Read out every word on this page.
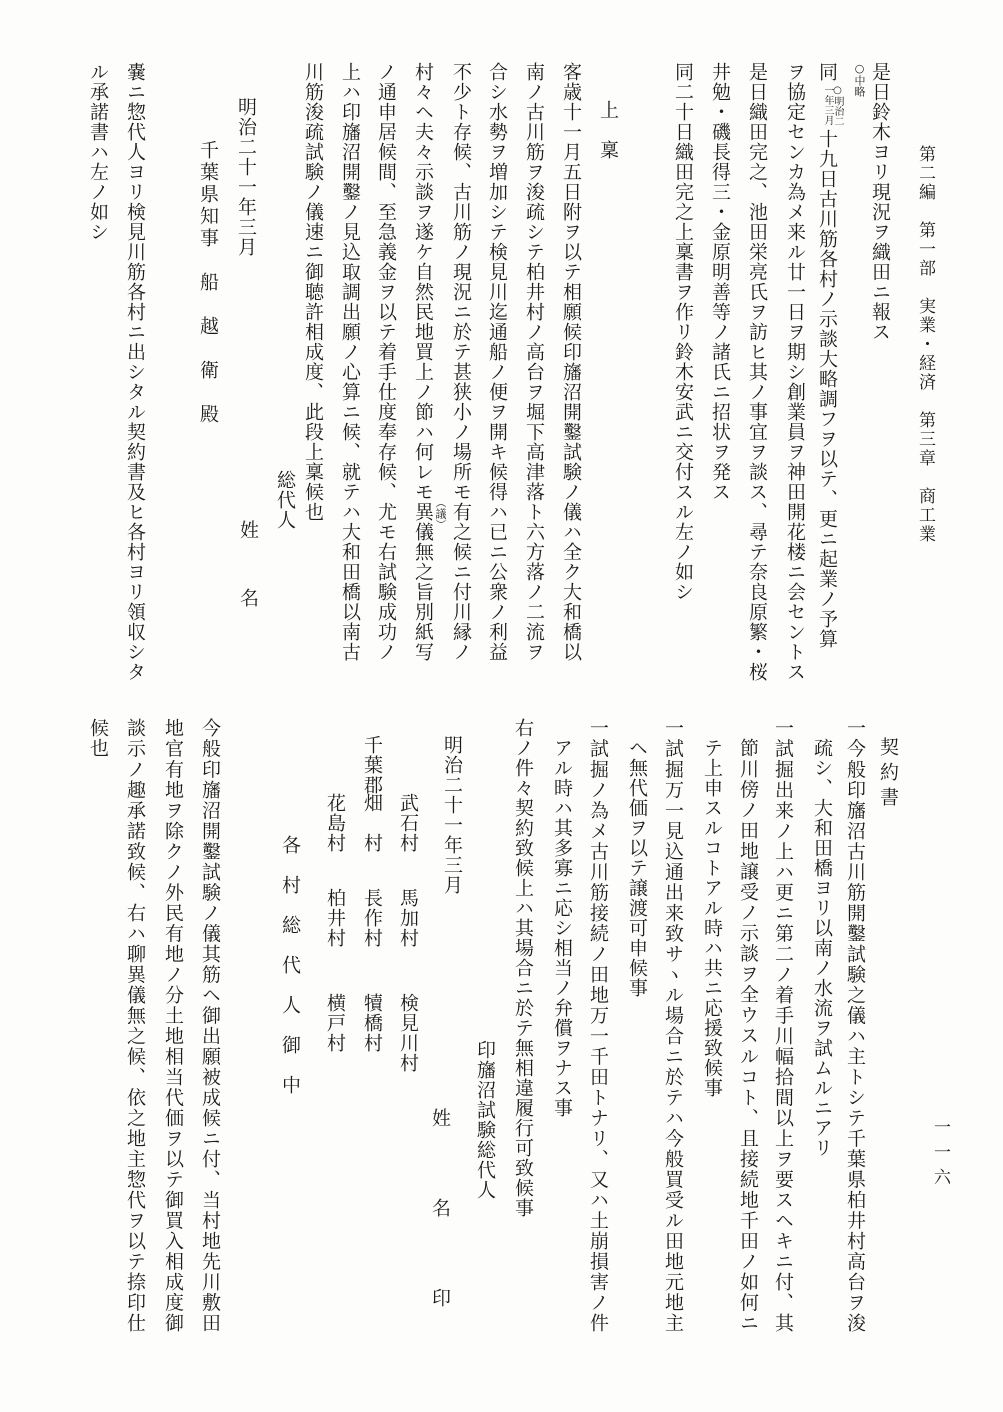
第二編　第一部　実業・経済　第三章　商工業
一一六
是日鈴木ヨリ現況ヲ織田ニ報ス
○中略
同
○明治二
一年三月
十九日古川筋各村ノ示談大略調フヲ以テ、更ニ起業ノ予算
ヲ協定センカ為メ来ル廿一日ヲ期シ創業員ヲ神田開花楼ニ会セントス
是日織田完之、池田栄亮氏ヲ訪ヒ其ノ事宜ヲ談ス、尋テ奈良原繁・桜
井勉・磯長得三・金原明善等ノ諸氏ニ招状ヲ発ス
同二十日織田完之上稟書ヲ作リ鈴木安武ニ交付スル左ノ如シ
上　稟
客歳十一月五日附ヲ以テ相願候印旛沼開鑿試験ノ儀ハ全ク大和橋以
南ノ古川筋ヲ浚疏シテ柏井村ノ高台ヲ堀下高津落ト六方落ノ二流ヲ
合シ水勢ヲ増加シテ検見川迄通船ノ便ヲ開キ候得ハ已ニ公衆ノ利益
不少ト存候、古川筋ノ現況ニ於テ甚狭小ノ場所モ有之候ニ付川縁ノ
村々ヘ夫々示談ヲ遂ケ自然民地買上ノ節ハ何レモ異儀無之旨別紙写 （議）
ノ通申居候間、至急義金ヲ以テ着手仕度奉存候、尤モ右試験成功ノ
上ハ印旛沼開鑿ノ見込取調出願ノ心算ニ候、就テハ大和田橋以南古
川筋浚疏試験ノ儀速ニ御聴許相成度、此段上稟候也
総代人
明治二十一年三月
姓　名
千葉県知事　船　越　衛　殿
嚢ニ惣代人ヨリ検見川筋各村ニ出シタル契約書及ヒ各村ヨリ領収シタ
ル承諾書ハ左ノ如シ
契約書
一今般印旛沼古川筋開鑿試験之儀ハ主トシテ千葉県柏井村高台ヲ浚
疏シ、大和田橋ヨリ以南ノ水流ヲ試ムルニアリ
一試掘出来ノ上ハ更ニ第二ノ着手川幅拾間以上ヲ要スヘキニ付、其
節川傍ノ田地譲受ノ示談ヲ全ウスルコト、且接続地千田ノ如何ニ
テ上申スルコトアル時ハ共ニ応援致候事
一試掘万一見込通出来致サヽル場合ニ於テハ今般買受ル田地元地主
ヘ無代価ヲ以テ譲渡可申候事
一試掘ノ為メ古川筋接続ノ田地万一千田トナリ、又ハ土崩損害ノ件
アル時ハ其多寡ニ応シ相当ノ弁償ヲナス事
右ノ件々契約致候上ハ其場合ニ於テ無相違履行可致候事
印旛沼試験総代人
明治二十一年三月
姓　名　印
武石村
馬加村
検見川村
千葉郡
畑　村
長作村
犢橋村
花島村
柏井村
横戸村
各　村　総　代　人　御　中
今般印旛沼開鑿試験ノ儀其筋ヘ御出願被成候ニ付、当村地先川敷田
地官有地ヲ除クノ外民有地ノ分土地相当代価ヲ以テ御買入相成度御
談示ノ趣承諾致候、右ハ聊異儀無之候、依之地主惣代ヲ以テ捺印仕
候也
